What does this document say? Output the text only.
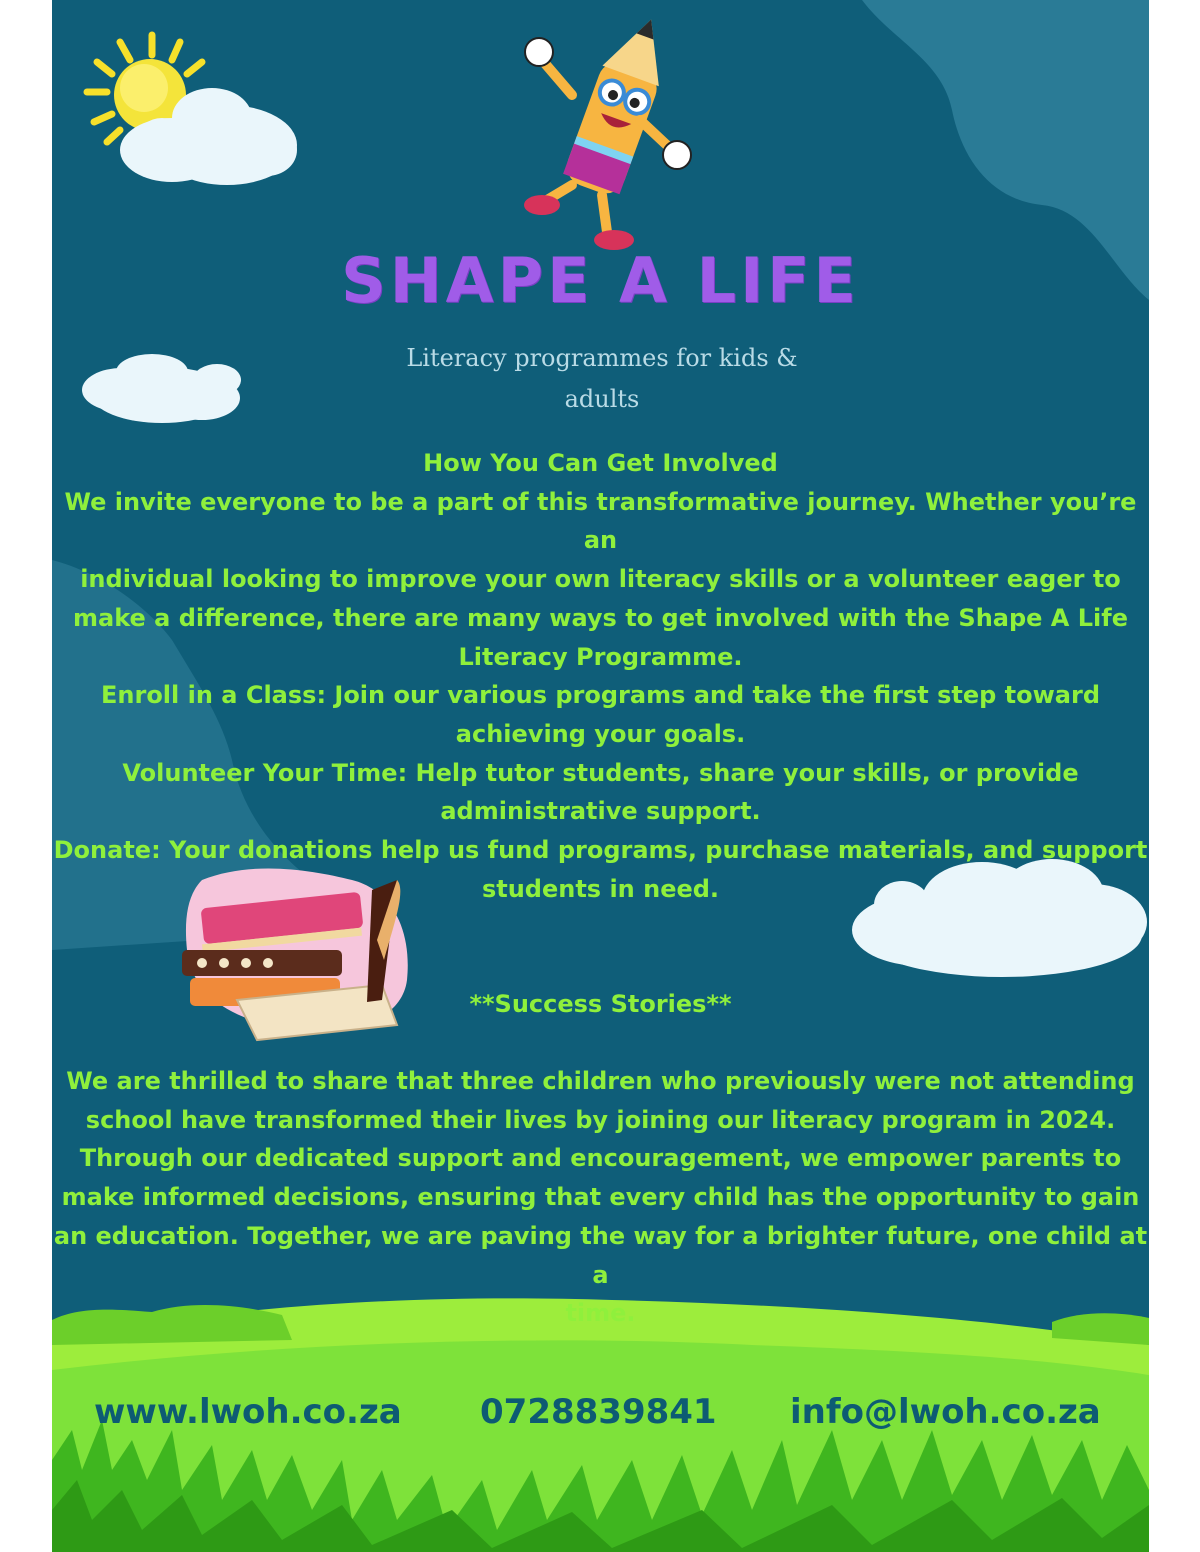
SHAPE A LIFE
Literacy programmes for kids &
adults
How You Can Get Involved
We invite everyone to be a part of this transformative journey. Whether you’re an
individual looking to improve your own literacy skills or a volunteer eager to
make a difference, there are many ways to get involved with the Shape A Life
Literacy Programme.
Enroll in a Class: Join our various programs and take the first step toward
achieving your goals.
Volunteer Your Time: Help tutor students, share your skills, or provide
administrative support.
Donate: Your donations help us fund programs, purchase materials, and support
students in need.
**Success Stories**
We are thrilled to share that three children who previously were not attending
school have transformed their lives by joining our literacy program in 2024.
Through our dedicated support and encouragement, we empower parents to
make informed decisions, ensuring that every child has the opportunity to gain
an education. Together, we are paving the way for a brighter future, one child at a
time.
www.lwoh.co.za 0728839841 info@lwoh.co.za
